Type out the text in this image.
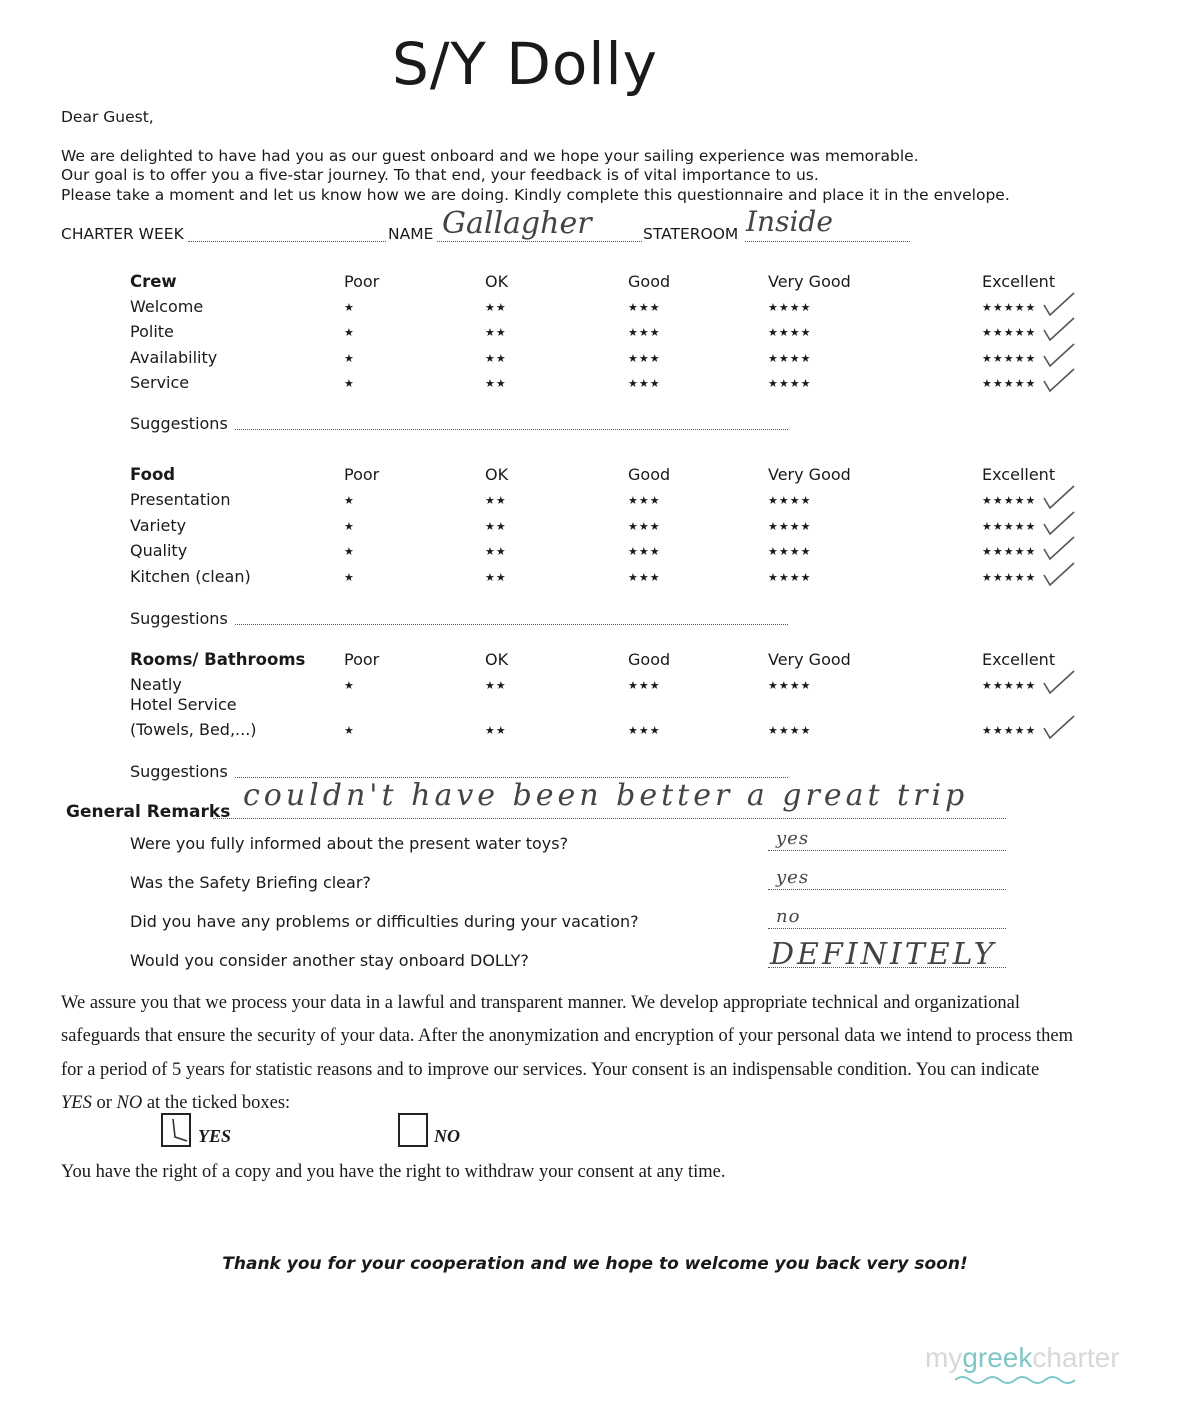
S/Y Dolly
Dear Guest,
We are delighted to have had you as our guest onboard and we hope your sailing experience was memorable.
Our goal is to offer you a five-star journey. To that end, your feedback is of vital importance to us.
Please take a moment and let us know how we are doing. Kindly complete this questionnaire and place it in the envelope.
CHARTER WEEK	NAME Gallagher	STATEROOM Inside
Crew	Poor	OK	Good	Very Good	Excellent
Welcome	★	★★	★★★	★★★★	★★★★★
Polite	★	★★	★★★	★★★★	★★★★★
Availability	★	★★	★★★	★★★★	★★★★★
Service	★	★★	★★★	★★★★	★★★★★
Suggestions
Food	Poor	OK	Good	Very Good	Excellent
Presentation	★	★★	★★★	★★★★	★★★★★
Variety	★	★★	★★★	★★★★	★★★★★
Quality	★	★★	★★★	★★★★	★★★★★
Kitchen (clean)	★	★★	★★★	★★★★	★★★★★
Suggestions
Rooms/ Bathrooms Poor	OK	Good	Very Good	Excellent
Neatly	★	★★	★★★	★★★★	★★★★★
Hotel Service
(Towels, Bed,...)	★	★★	★★★	★★★★	★★★★★
Suggestions
General Remarks couldn't have been better a great trip
Were you fully informed about the present water toys?	yes
Was the Safety Briefing clear?	yes
Did you have any problems or difficulties during your vacation?	no
Would you consider another stay onboard DOLLY?	DEFINITELY
We assure you that we process your data in a lawful and transparent manner. We develop appropriate technical and organizational
safeguards that ensure the security of your data. After the anonymization and encryption of your personal data we intend to process them
for a period of 5 years for statistic reasons and to improve our services. Your consent is an indispensable condition. You can indicate
YES or NO at the ticked boxes:
YES	NO
You have the right of a copy and you have the right to withdraw your consent at any time.
Thank you for your cooperation and we hope to welcome you back very soon!
mygreekcharter
